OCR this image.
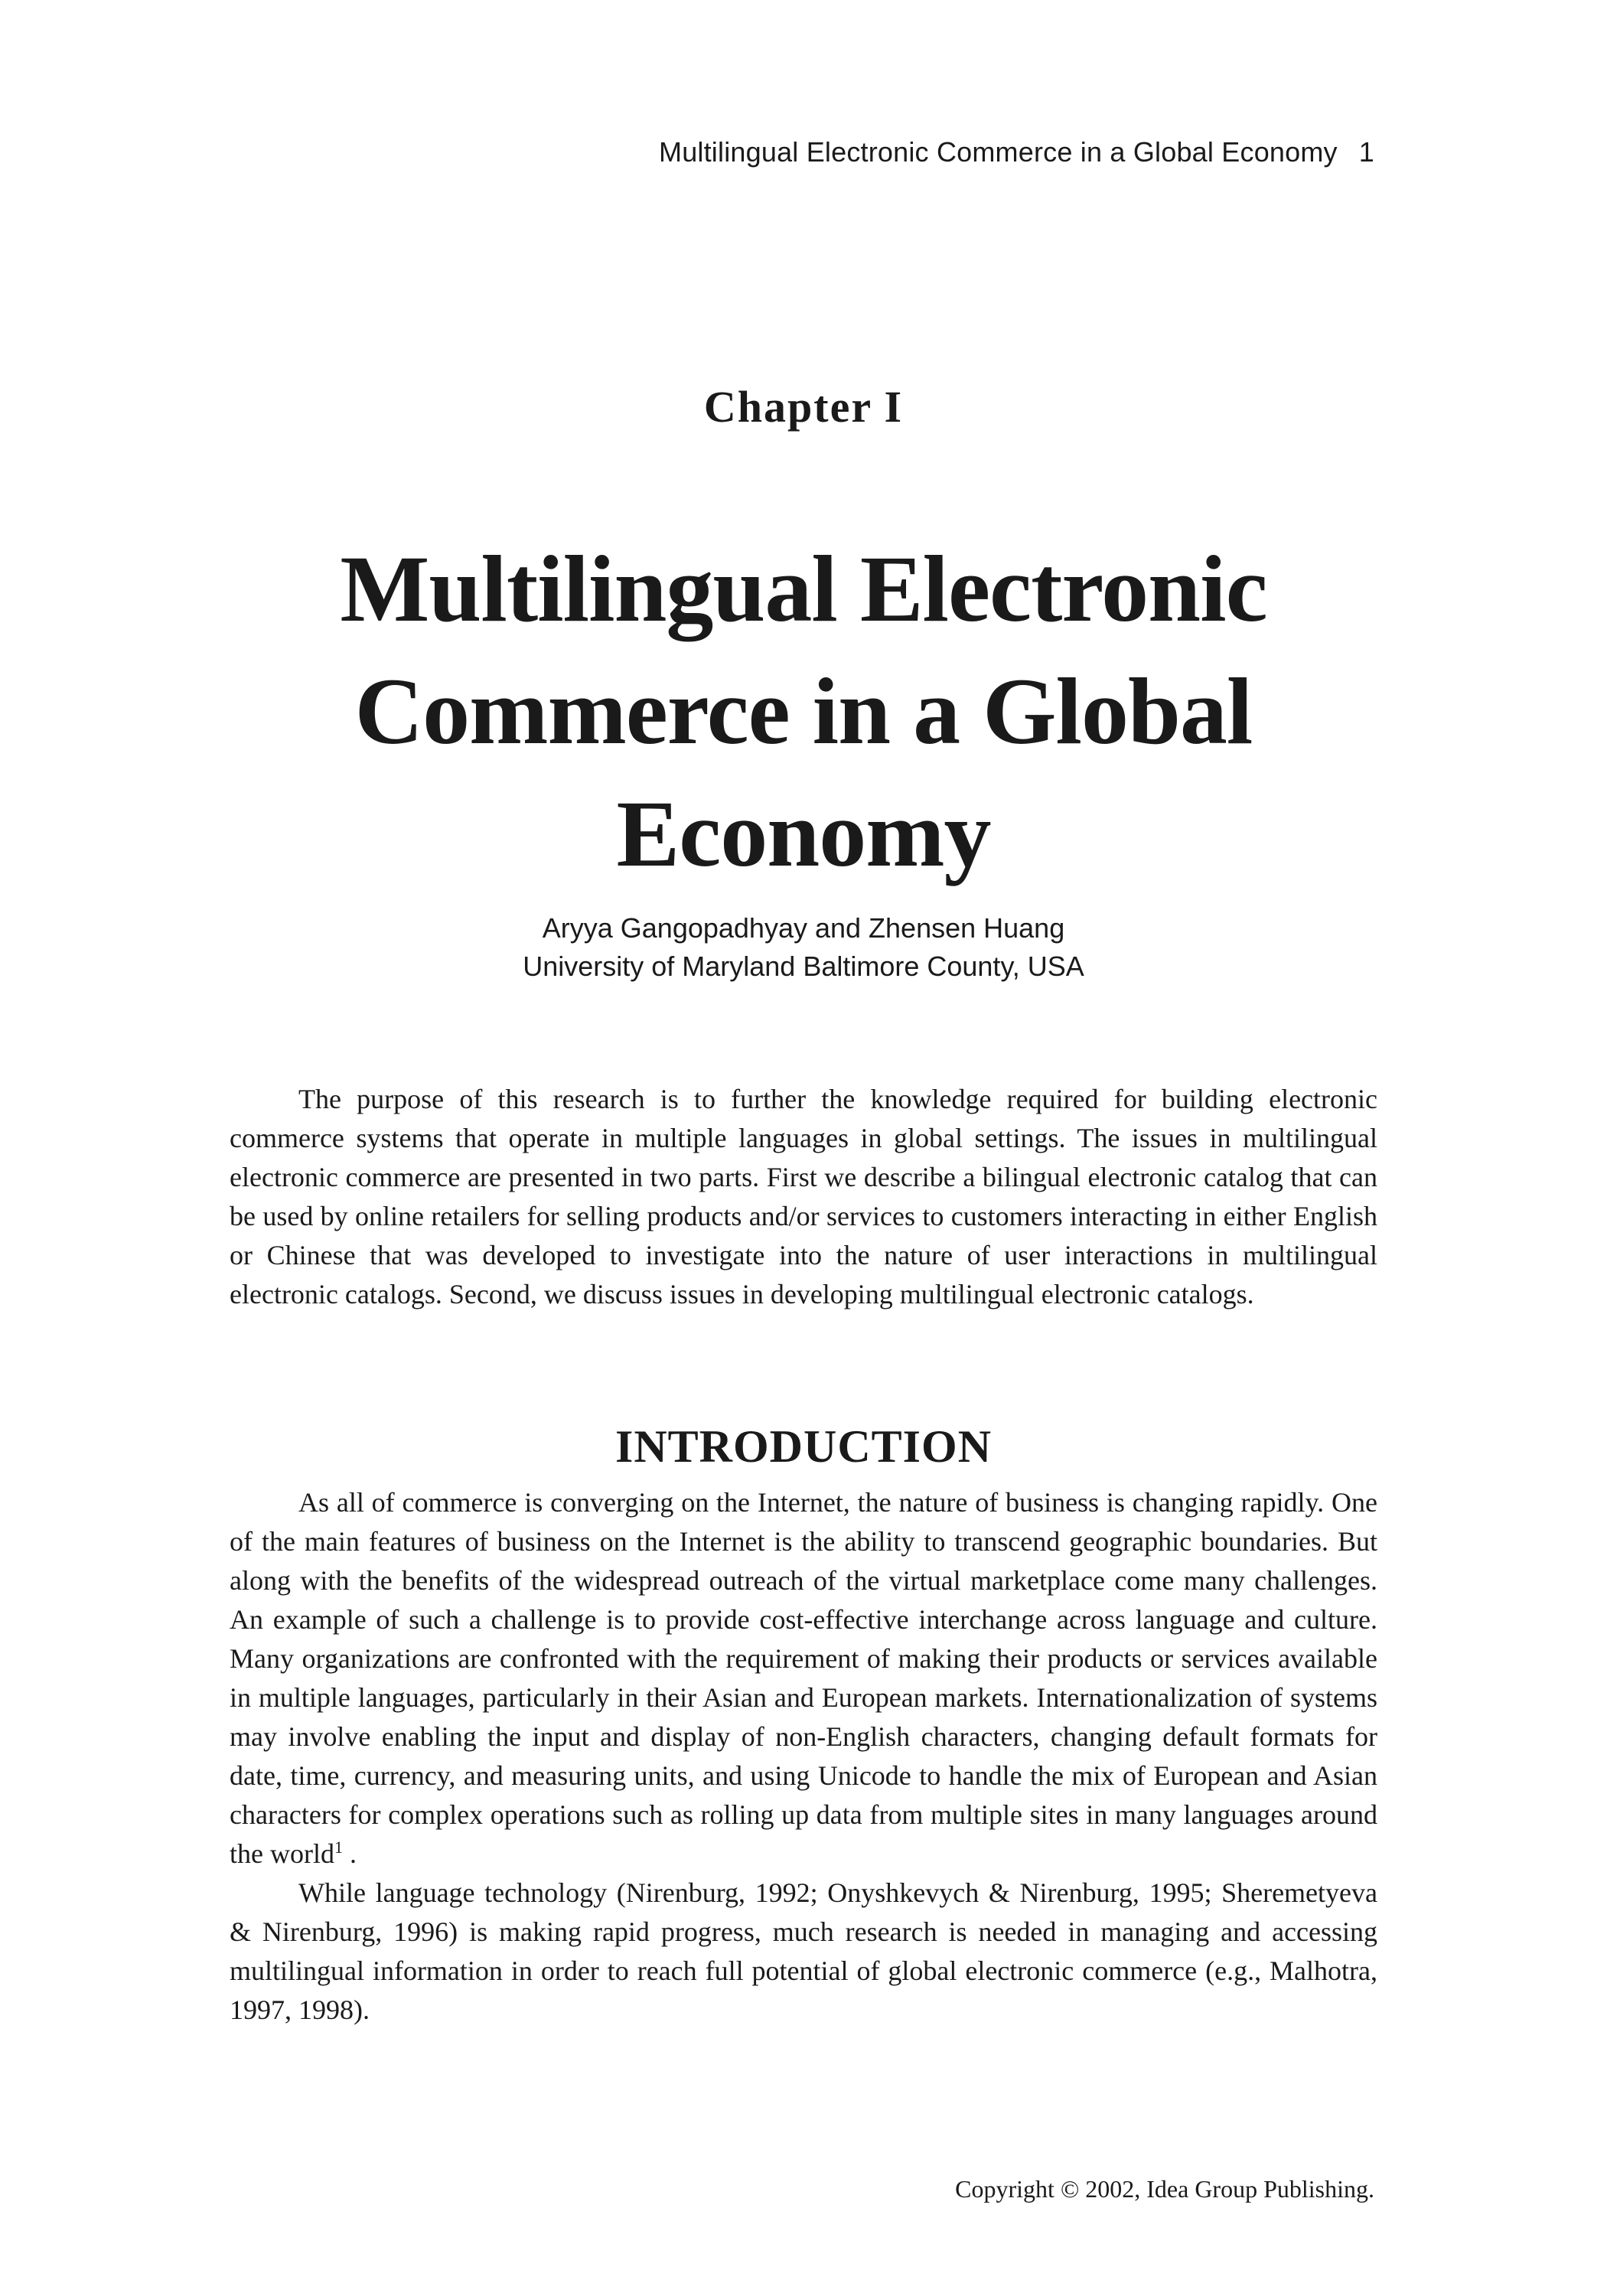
Multilingual Electronic Commerce in a Global Economy 1
Chapter I
Multilingual Electronic Commerce in a Global Economy
Aryya Gangopadhyay and Zhensen Huang
University of Maryland Baltimore County, USA

The purpose of this research is to further the knowledge required for building electronic commerce systems that operate in multiple languages in global settings. The issues in multilingual electronic commerce are presented in two parts. First we describe a bilingual electronic catalog that can be used by online retailers for selling products and/or services to customers interacting in either English or Chinese that was developed to investigate into the nature of user interactions in multilingual electronic catalogs. Second, we discuss issues in developing multilingual electronic catalogs.

INTRODUCTION

As all of commerce is converging on the Internet, the nature of business is changing rapidly. One of the main features of business on the Internet is the ability to transcend geographic boundaries. But along with the benefits of the widespread outreach of the virtual marketplace come many challenges. An example of such a challenge is to provide cost-effective interchange across language and culture. Many organizations are confronted with the requirement of making their products or services available in multiple languages, particularly in their Asian and European markets. Internationalization of systems may involve enabling the input and display of non-English characters, changing default formats for date, time, currency, and measuring units, and using Unicode to handle the mix of European and Asian characters for complex operations such as rolling up data from multiple sites in many languages around the world$^1$ .

While language technology (Nirenburg, 1992; Onyshkevych & Nirenburg, 1995; Sheremetyeva & Nirenburg, 1996) is making rapid progress, much research is needed in managing and accessing multilingual information in order to reach full potential of global electronic commerce (e.g., Malhotra, 1997, 1998).

Copyright © 2002, Idea Group Publishing.
